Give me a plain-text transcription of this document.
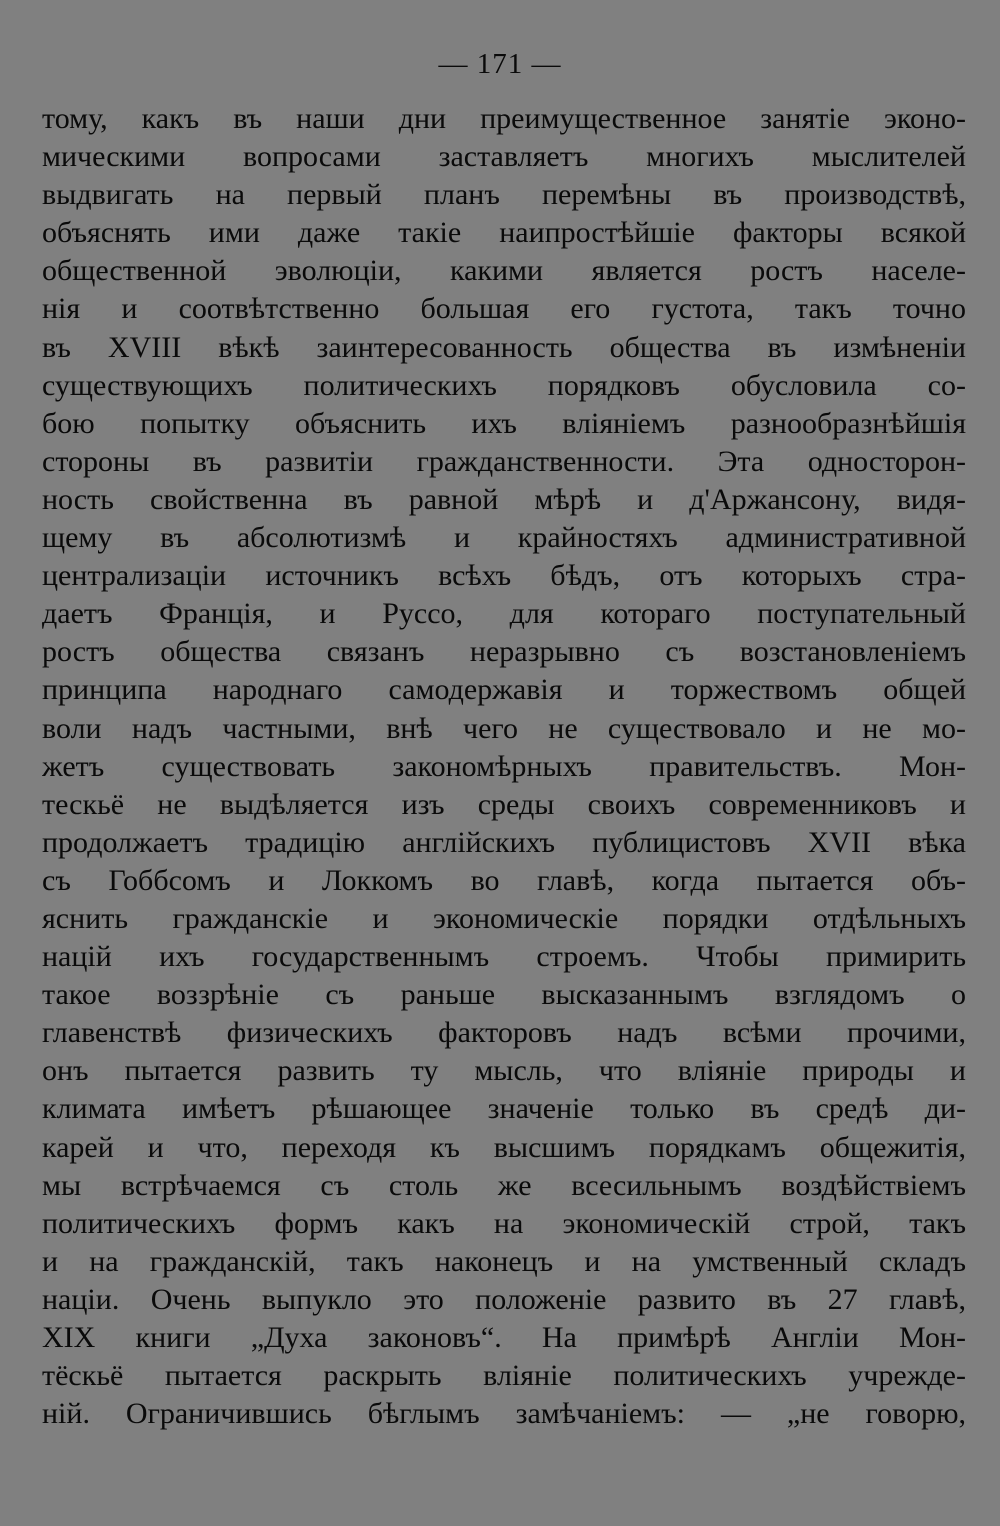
— 171 —
тому, какъ въ наши дни преимущественное занятіе эконо-
мическими вопросами заставляетъ многихъ мыслителей
выдвигать на первый планъ перемѣны въ производствѣ,
объяснять ими даже такіе наипростѣйшіе факторы всякой
общественной эволюціи, какими является ростъ населе-
нія и соотвѣтственно большая его густота, такъ точно
въ XVIII вѣкѣ заинтересованность общества въ измѣненіи
существующихъ политическихъ порядковъ обусловила со-
бою попытку объяснить ихъ вліяніемъ разнообразнѣйшія
стороны въ развитіи гражданственности. Эта односторон-
ность свойственна въ равной мѣрѣ и д'Аржансону, видя-
щему въ абсолютизмѣ и крайностяхъ административной
централизаціи источникъ всѣхъ бѣдъ, отъ которыхъ стра-
даетъ Франція, и Руссо, для котораго поступательный
ростъ общества связанъ неразрывно съ возстановленіемъ
принципа народнаго самодержавія и торжествомъ общей
воли надъ частными, внѣ чего не существовало и не мо-
жетъ существовать закономѣрныхъ правительствъ. Мон-
тескьё не выдѣляется изъ среды своихъ современниковъ и
продолжаетъ традицію англійскихъ публицистовъ XVII вѣка
съ Гоббсомъ и Локкомъ во главѣ, когда пытается объ-
яснить гражданскіе и экономическіе порядки отдѣльныхъ
націй ихъ государственнымъ строемъ. Чтобы примирить
такое воззрѣніе съ раньше высказаннымъ взглядомъ о
главенствѣ физическихъ факторовъ надъ всѣми прочими,
онъ пытается развить ту мысль, что вліяніе природы и
климата имѣетъ рѣшающее значеніе только въ средѣ ди-
карей и что, переходя къ высшимъ порядкамъ общежитія,
мы встрѣчаемся съ столь же всесильнымъ воздѣйствіемъ
политическихъ формъ какъ на экономическій строй, такъ
и на гражданскій, такъ наконецъ и на умственный складъ
націи. Очень выпукло это положеніе развито въ 27 главѣ,
XIX книги „Духа законовъ“. На примѣрѣ Англіи Мон-
тёскьё пытается раскрыть вліяніе политическихъ учрежде-
ній. Ограничившись бѣглымъ замѣчаніемъ: — „не говорю,
